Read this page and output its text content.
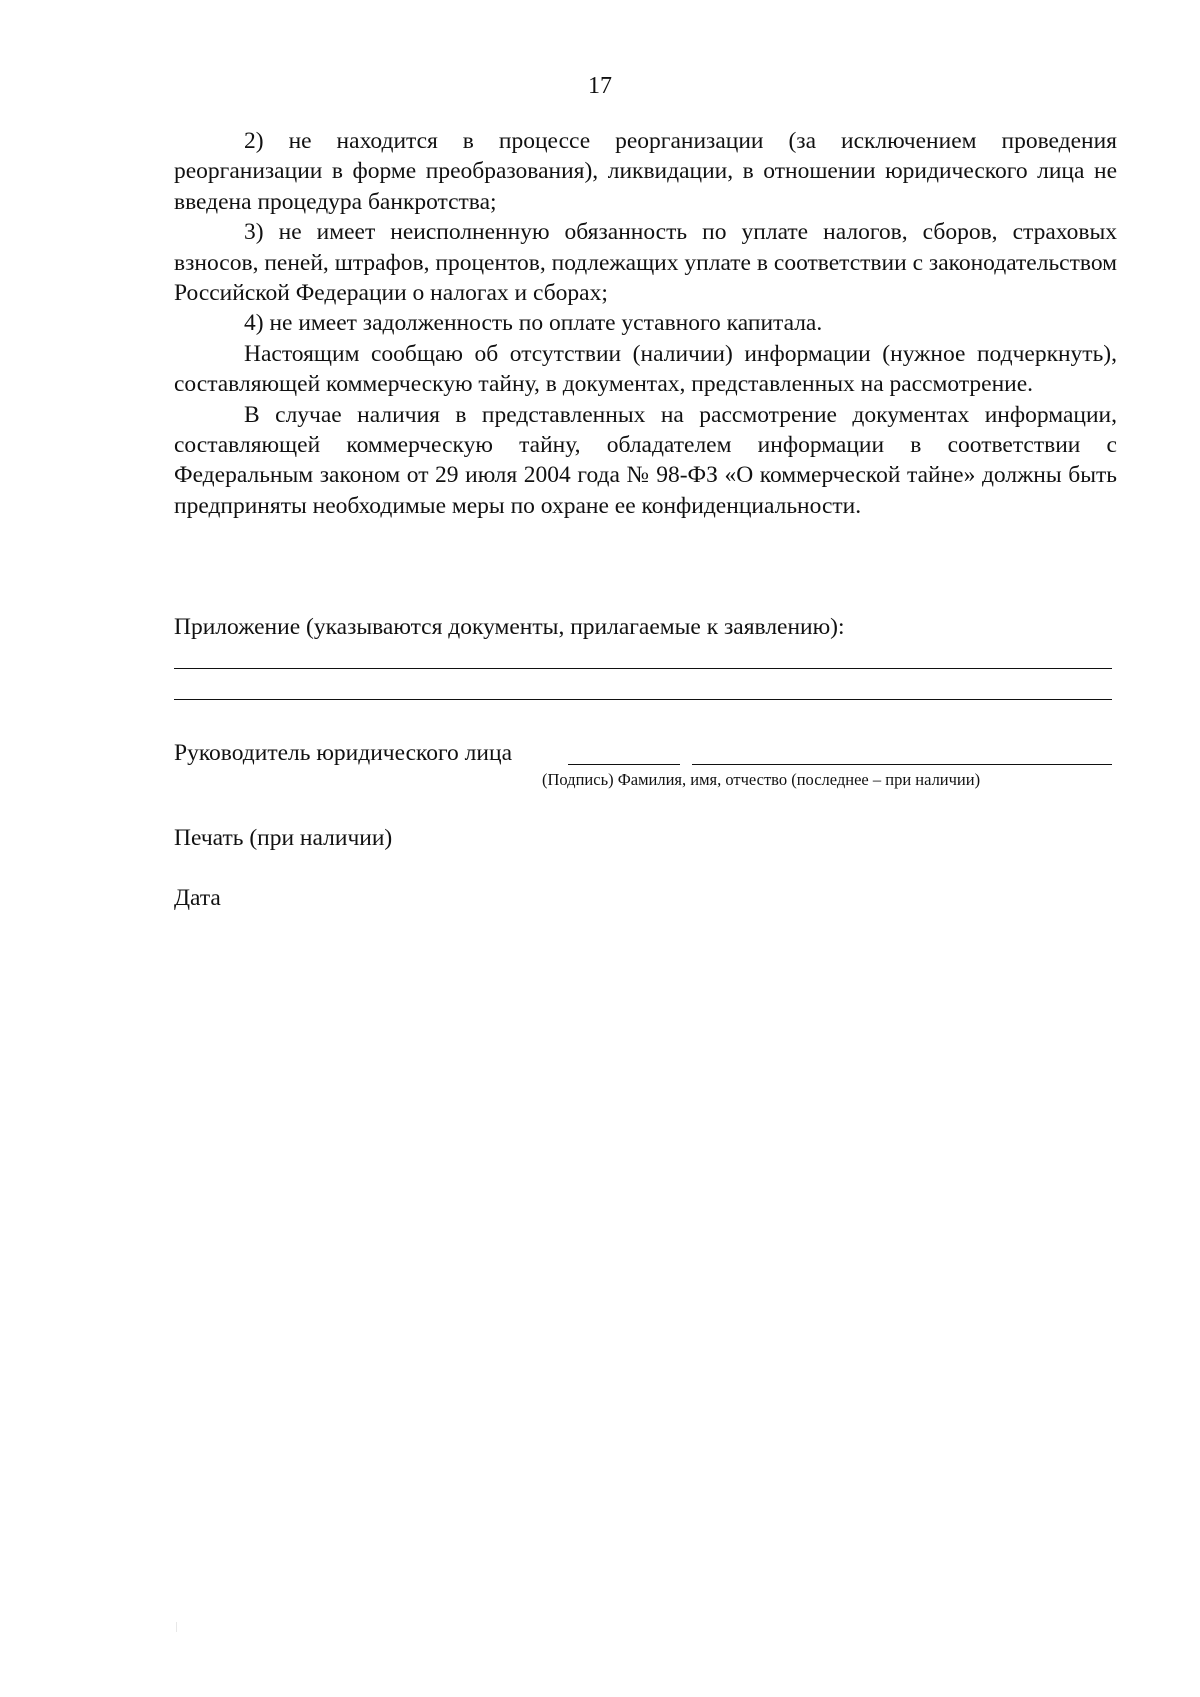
17

2) не находится в процессе реорганизации (за исключением проведения реорганизации в форме преобразования), ликвидации, в отношении юридического лица не введена процедура банкротства;

3) не имеет неисполненную обязанность по уплате налогов, сборов, страховых взносов, пеней, штрафов, процентов, подлежащих уплате в соответствии с законодательством Российской Федерации о налогах и сборах;

4) не имеет задолженность по оплате уставного капитала.

Настоящим сообщаю об отсутствии (наличии) информации (нужное подчеркнуть), составляющей коммерческую тайну, в документах, представленных на рассмотрение.

В случае наличия в представленных на рассмотрение документах информации, составляющей коммерческую тайну, обладателем информации в соответствии с Федеральным законом от 29 июля 2004 года № 98-ФЗ «О коммерческой тайне» должны быть предприняты необходимые меры по охране ее конфиденциальности.

Приложение (указываются документы, прилагаемые к заявлению):
Руководитель юридического лица
(Подпись) Фамилия, имя, отчество (последнее – при наличии)
Печать (при наличии)
Дата
